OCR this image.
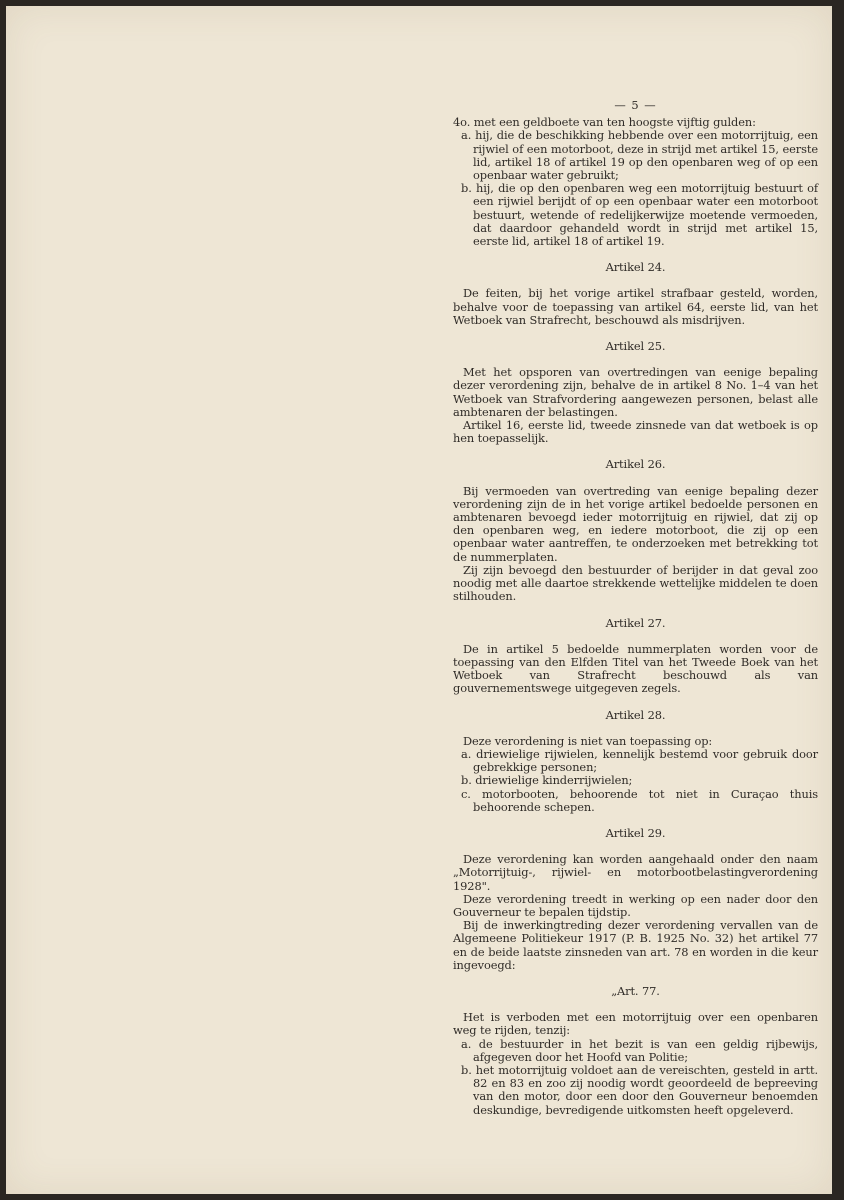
— 5 —

4o. met een geldboete van ten hoogste vijftig gulden:

a. hij, die de beschikking hebbende over een motorrijtuig, een rijwiel of een motorboot, deze in strijd met artikel 15, eerste lid, artikel 18 of artikel 19 op den openbaren weg of op een openbaar water gebruikt;

b. hij, die op den openbaren weg een motorrijtuig bestuurt of een rijwiel berijdt of op een openbaar water een motorboot bestuurt, wetende of redelijkerwijze moetende vermoeden, dat daardoor gehandeld wordt in strijd met artikel 15, eerste lid, artikel 18 of artikel 19.

Artikel 24.

De feiten, bij het vorige artikel strafbaar gesteld, worden, behalve voor de toepassing van artikel 64, eerste lid, van het Wetboek van Strafrecht, beschouwd als misdrijven.

Artikel 25.

Met het opsporen van overtredingen van eenige bepaling dezer verordening zijn, behalve de in artikel 8 No. 1–4 van het Wetboek van Strafvordering aangewezen personen, belast alle ambtenaren der belastingen.

Artikel 16, eerste lid, tweede zinsnede van dat wetboek is op hen toepasselijk.

Artikel 26.

Bij vermoeden van overtreding van eenige bepaling dezer verordening zijn de in het vorige artikel bedoelde personen en ambtenaren bevoegd ieder motorrijtuig en rijwiel, dat zij op den openbaren weg, en iedere motorboot, die zij op een openbaar water aantreffen, te onderzoeken met betrekking tot de nummerplaten.

Zij zijn bevoegd den bestuurder of berijder in dat geval zoo noodig met alle daartoe strekkende wettelijke middelen te doen stilhouden.

Artikel 27.

De in artikel 5 bedoelde nummerplaten worden voor de toepassing van den Elfden Titel van het Tweede Boek van het Wetboek van Strafrecht beschouwd als van gouvernementswege uitgegeven zegels.

Artikel 28.

Deze verordening is niet van toepassing op:

a. driewielige rijwielen, kennelijk bestemd voor gebruik door gebrekkige personen;

b. driewielige kinderrijwielen;

c. motorbooten, behoorende tot niet in Curaçao thuis behoorende schepen.

Artikel 29.

Deze verordening kan worden aangehaald onder den naam „Motorrijtuig-, rijwiel- en motorbootbelastingverordening 1928".

Deze verordening treedt in werking op een nader door den Gouverneur te bepalen tijdstip.

Bij de inwerkingtreding dezer verordening vervallen van de Algemeene Politiekeur 1917 (P. B. 1925 No. 32) het artikel 77 en de beide laatste zinsneden van art. 78 en worden in die keur ingevoegd:

„Art. 77.

Het is verboden met een motorrijtuig over een openbaren weg te rijden, tenzij:

a. de bestuurder in het bezit is van een geldig rijbewijs, afgegeven door het Hoofd van Politie;

b. het motorrijtuig voldoet aan de vereischten, gesteld in artt. 82 en 83 en zoo zij noodig wordt geoordeeld de bepreeving van den motor, door een door den Gouverneur benoemden deskundige, bevredigende uitkomsten heeft opgeleverd.
